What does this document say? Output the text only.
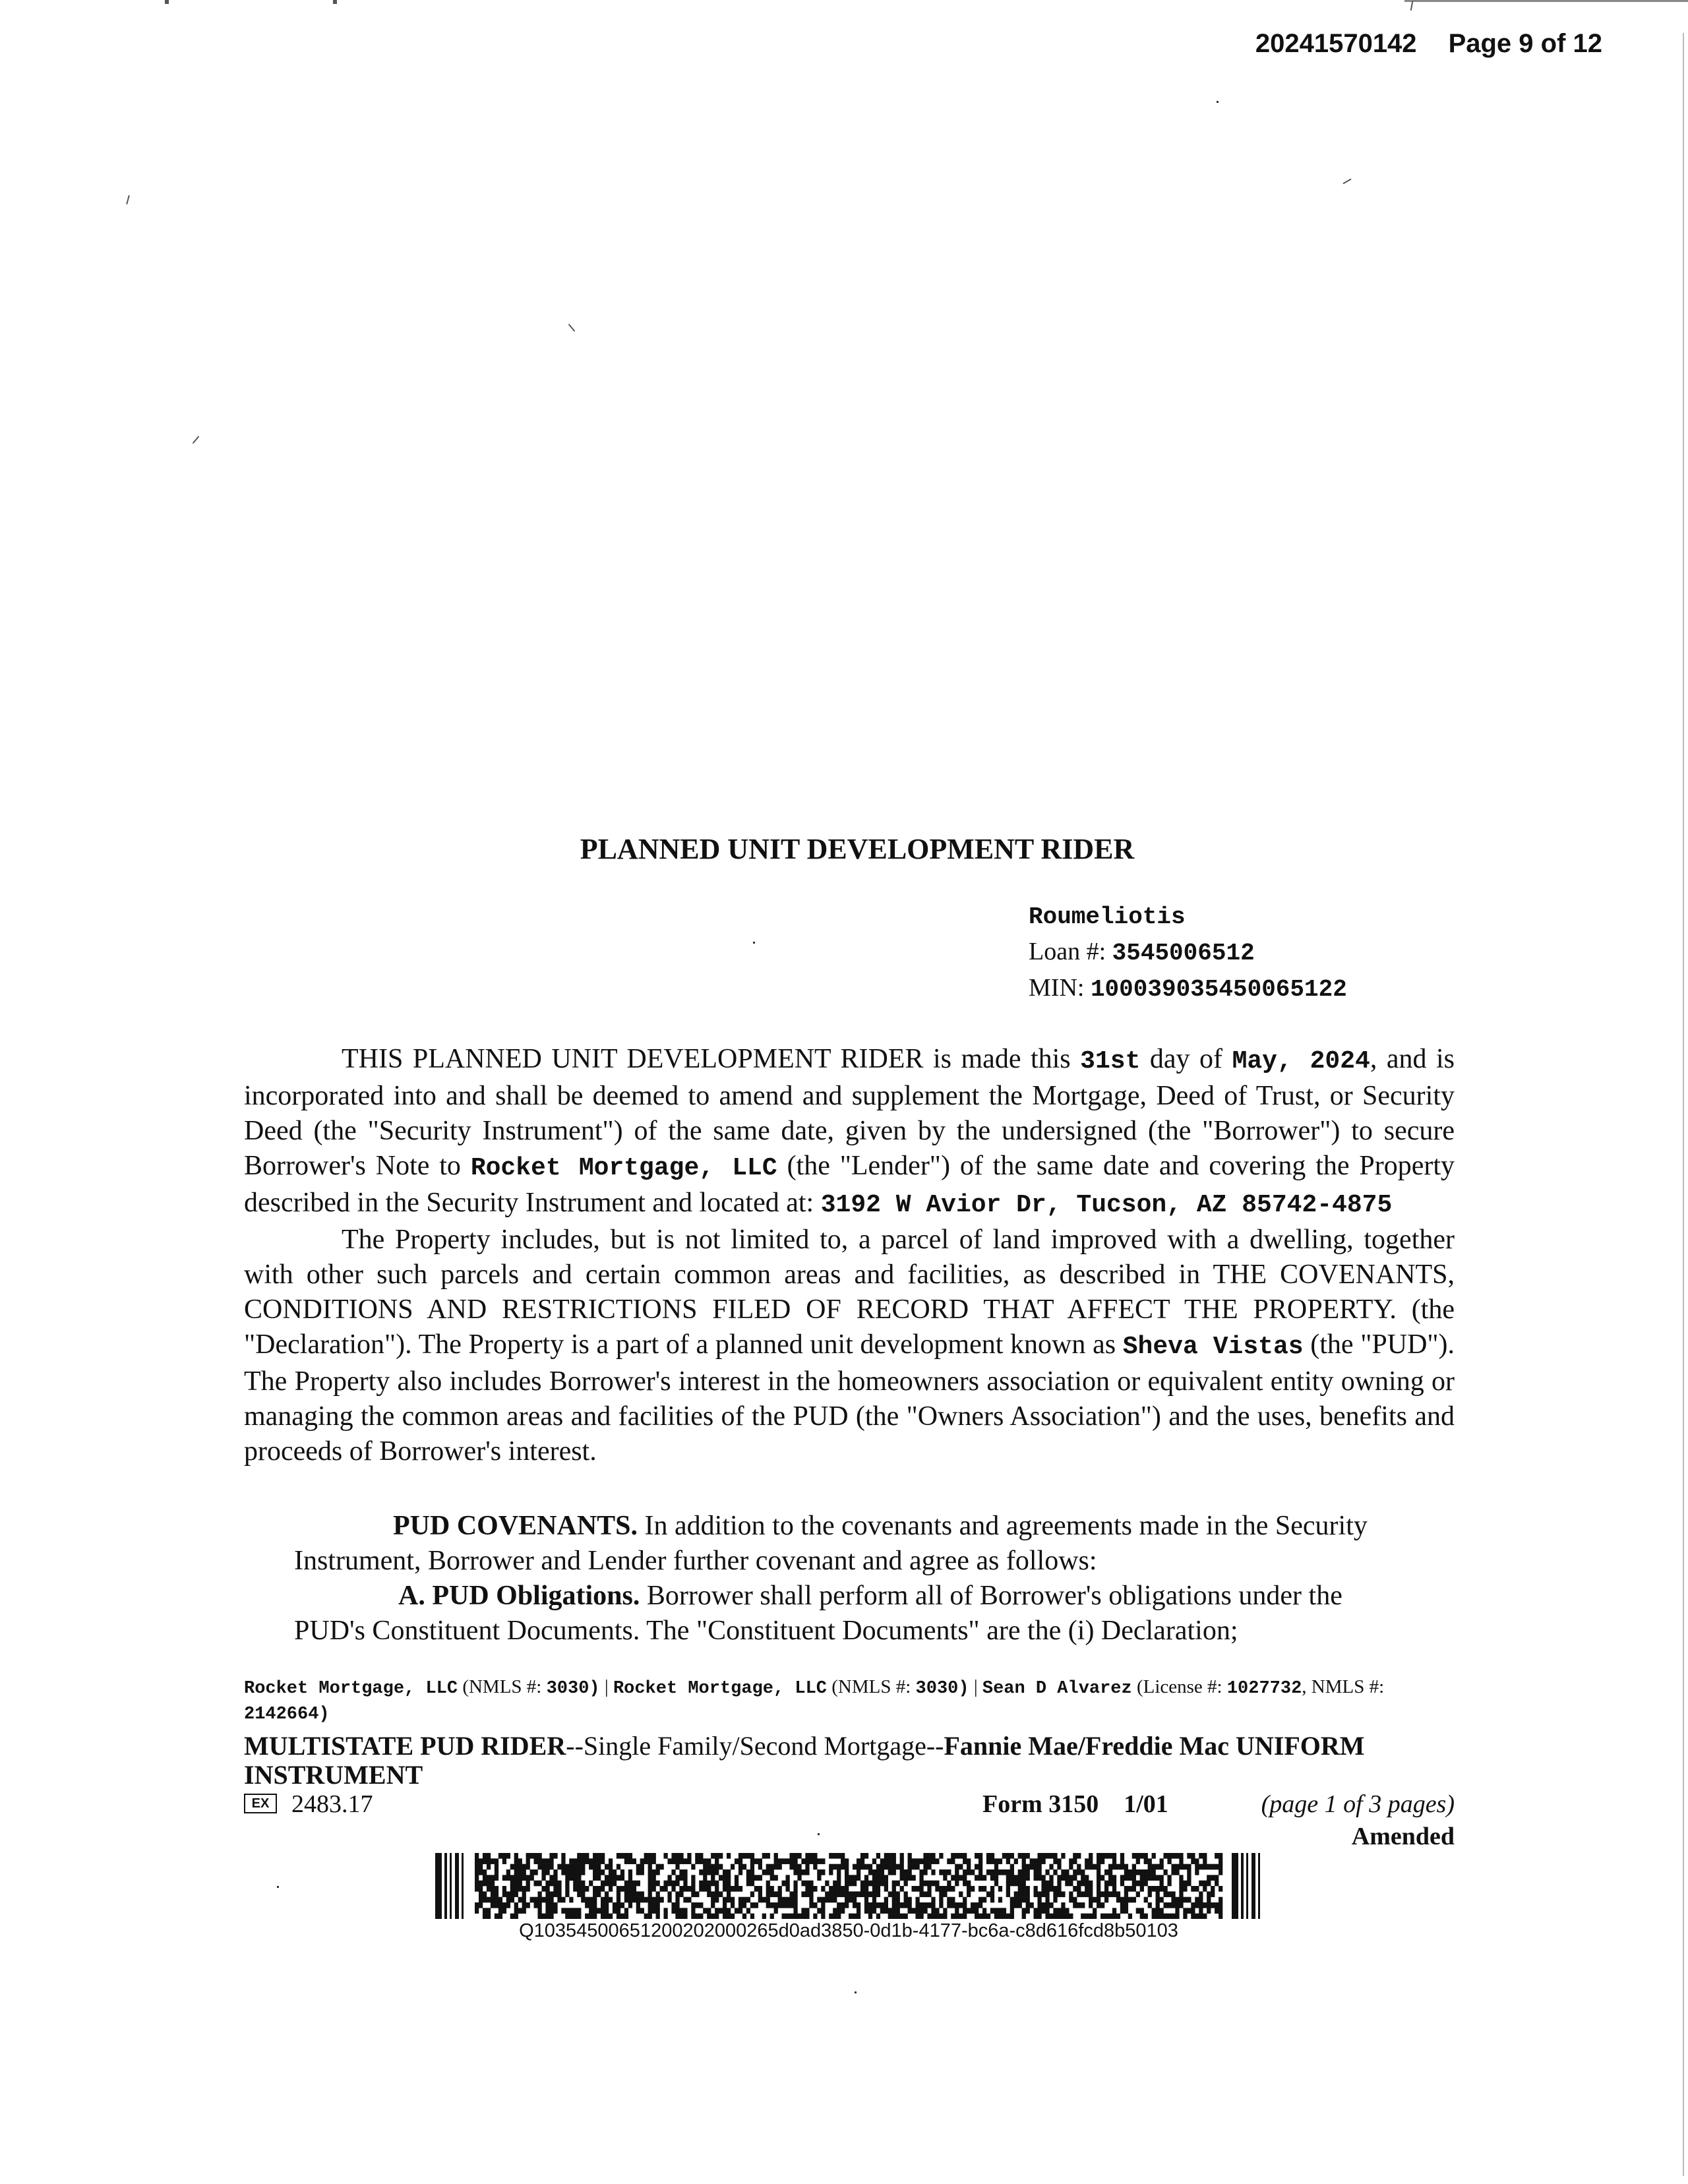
20241570142 Page 9 of 12
PLANNED UNIT DEVELOPMENT RIDER
Roumeliotis
Loan #: 3545006512
MIN: 100039035450065122

THIS PLANNED UNIT DEVELOPMENT RIDER is made this 31st day of May, 2024, and is incorporated into and shall be deemed to amend and supplement the Mortgage, Deed of Trust, or Security Deed (the "Security Instrument") of the same date, given by the undersigned (the "Borrower") to secure Borrower's Note to Rocket Mortgage, LLC (the "Lender") of the same date and covering the Property described in the Security Instrument and located at: 3192 W Avior Dr, Tucson, AZ 85742-4875

The Property includes, but is not limited to, a parcel of land improved with a dwelling, together with other such parcels and certain common areas and facilities, as described in THE COVENANTS, CONDITIONS AND RESTRICTIONS FILED OF RECORD THAT AFFECT THE PROPERTY. (the "Declaration"). The Property is a part of a planned unit development known as Sheva Vistas (the "PUD"). The Property also includes Borrower's interest in the homeowners association or equivalent entity owning or managing the common areas and facilities of the PUD (the "Owners Association") and the uses, benefits and proceeds of Borrower's interest.

PUD COVENANTS. In addition to the covenants and agreements made in the Security Instrument, Borrower and Lender further covenant and agree as follows:

A. PUD Obligations. Borrower shall perform all of Borrower's obligations under the PUD's Constituent Documents. The "Constituent Documents" are the (i) Declaration;

Rocket Mortgage, LLC (NMLS #: 3030) | Rocket Mortgage, LLC (NMLS #: 3030) | Sean D Alvarez (License #: 1027732, NMLS #: 2142664)
MULTISTATE PUD RIDER--Single Family/Second Mortgage--Fannie Mae/Freddie Mac UNIFORM INSTRUMENT
EX 2483.17	Form 3150    1/01	(page 1 of 3 pages)
Amended
Q10354500651200202000265d0ad3850-0d1b-4177-bc6a-c8d616fcd8b50103
